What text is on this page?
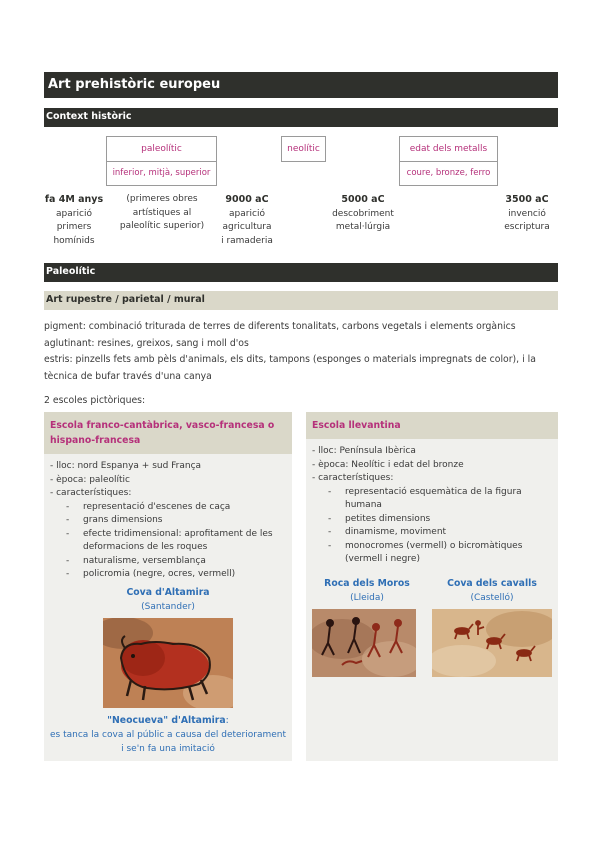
Art prehistòric europeu
Context històric
paleolític
inferior, mitjà, superior
neolític	edat dels metalls
coure, bronze, ferro
fa 4M anys
aparició
primers
homínids
(primeres obres
artístiques al
paleolític superior)
9000 aC
aparició
agricultura
i ramaderia
5000 aC
descobriment
metal·lúrgia
3500 aC
invenció
escriptura
Paleolític
Art rupestre / parietal / mural
pigment: combinació triturada de terres de diferents tonalitats, carbons vegetals i elements orgànics
aglutinant: resines, greixos, sang i moll d'os
estris: pinzells fets amb pèls d'animals, els dits, tampons (esponges o materials impregnats de color), i la tècnica de bufar través d'una canya
2 escoles pictòriques:
Escola franco-cantàbrica, vasco-francesa o hispano-francesa
- lloc: nord Espanya + sud França
- època: paleolític
- característiques:
- representació d'escenes de caça
- grans dimensions
- efecte tridimensional: aprofitament de les deformacions de les roques
- naturalisme, versemblança
- policromia (negre, ocres, vermell)
Cova d'Altamira
(Santander)
"Neocueva" d'Altamira:
es tanca la cova al públic a causa del deteriorament i se'n fa una imitació
Escola llevantina
- lloc: Península Ibèrica
- època: Neolític i edat del bronze
- característiques:
- representació esquemàtica de la figura humana
- petites dimensions
- dinamisme, moviment
- monocromes (vermell) o bicromàtiques (vermell i negre)
Roca dels Moros
(Lleida)
Cova dels cavalls
(Castelló)
